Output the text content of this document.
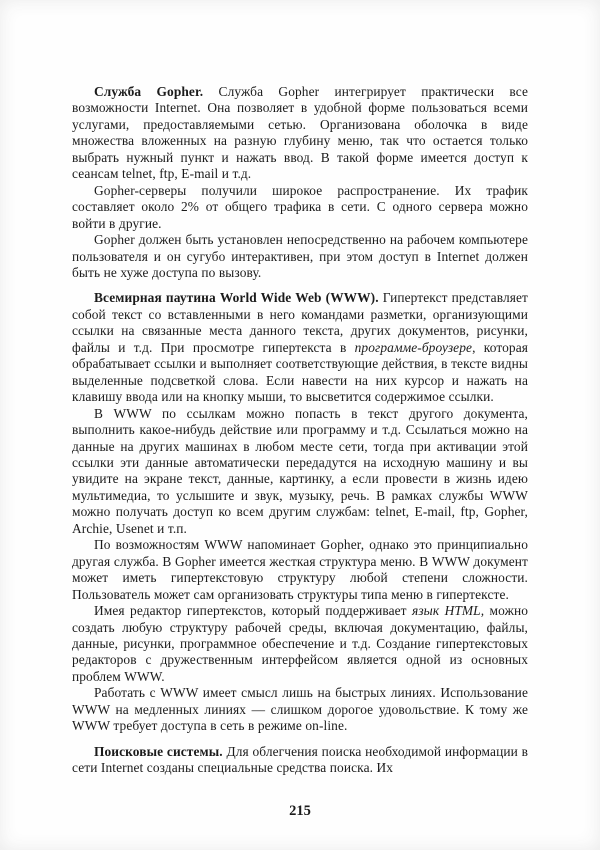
Служба Gopher. Служба Gopher интегрирует практически все возможности Internet. Она позволяет в удобной форме пользоваться всеми услугами, предоставляемыми сетью. Организована оболочка в виде множества вложенных на разную глубину меню, так что остается только выбрать нужный пункт и нажать ввод. В такой форме имеется доступ к сеансам telnet, ftp, E-mail и т.д.

Gopher-серверы получили широкое распространение. Их трафик составляет около 2% от общего трафика в сети. С одного сервера можно войти в другие.

Gopher должен быть установлен непосредственно на рабочем компьютере пользователя и он сугубо интерактивен, при этом доступ в Internet должен быть не хуже доступа по вызову.

Всемирная паутина World Wide Web (WWW). Гипертекст представляет собой текст со вставленными в него командами разметки, организующими ссылки на связанные места данного текста, других документов, рисунки, файлы и т.д. При просмотре гипертекста в программе-броузере, которая обрабатывает ссылки и выполняет соответствующие действия, в тексте видны выделенные подсветкой слова. Если навести на них курсор и нажать на клавишу ввода или на кнопку мыши, то высветится содержимое ссылки.

В WWW по ссылкам можно попасть в текст другого документа, выполнить какое-нибудь действие или программу и т.д. Ссылаться можно на данные на других машинах в любом месте сети, тогда при активации этой ссылки эти данные автоматически передадутся на исходную машину и вы увидите на экране текст, данные, картинку, а если провести в жизнь идею мультимедиа, то услышите и звук, музыку, речь. В рамках службы WWW можно получать доступ ко всем другим службам: telnet, E-mail, ftp, Gopher, Archie, Usenet и т.п.

По возможностям WWW напоминает Gopher, однако это принципиально другая служба. В Gopher имеется жесткая структура меню. В WWW документ может иметь гипертекстовую структуру любой степени сложности. Пользователь может сам организовать структуры типа меню в гипертексте.

Имея редактор гипертекстов, который поддерживает язык HTML, можно создать любую структуру рабочей среды, включая документацию, файлы, данные, рисунки, программное обеспечение и т.д. Создание гипертекстовых редакторов с дружественным интерфейсом является одной из основных проблем WWW.

Работать с WWW имеет смысл лишь на быстрых линиях. Использование WWW на медленных линиях — слишком дорогое удовольствие. К тому же WWW требует доступа в сеть в режиме on-line.

Поисковые системы. Для облегчения поиска необходимой информации в сети Internet созданы специальные средства поиска. Их

215
